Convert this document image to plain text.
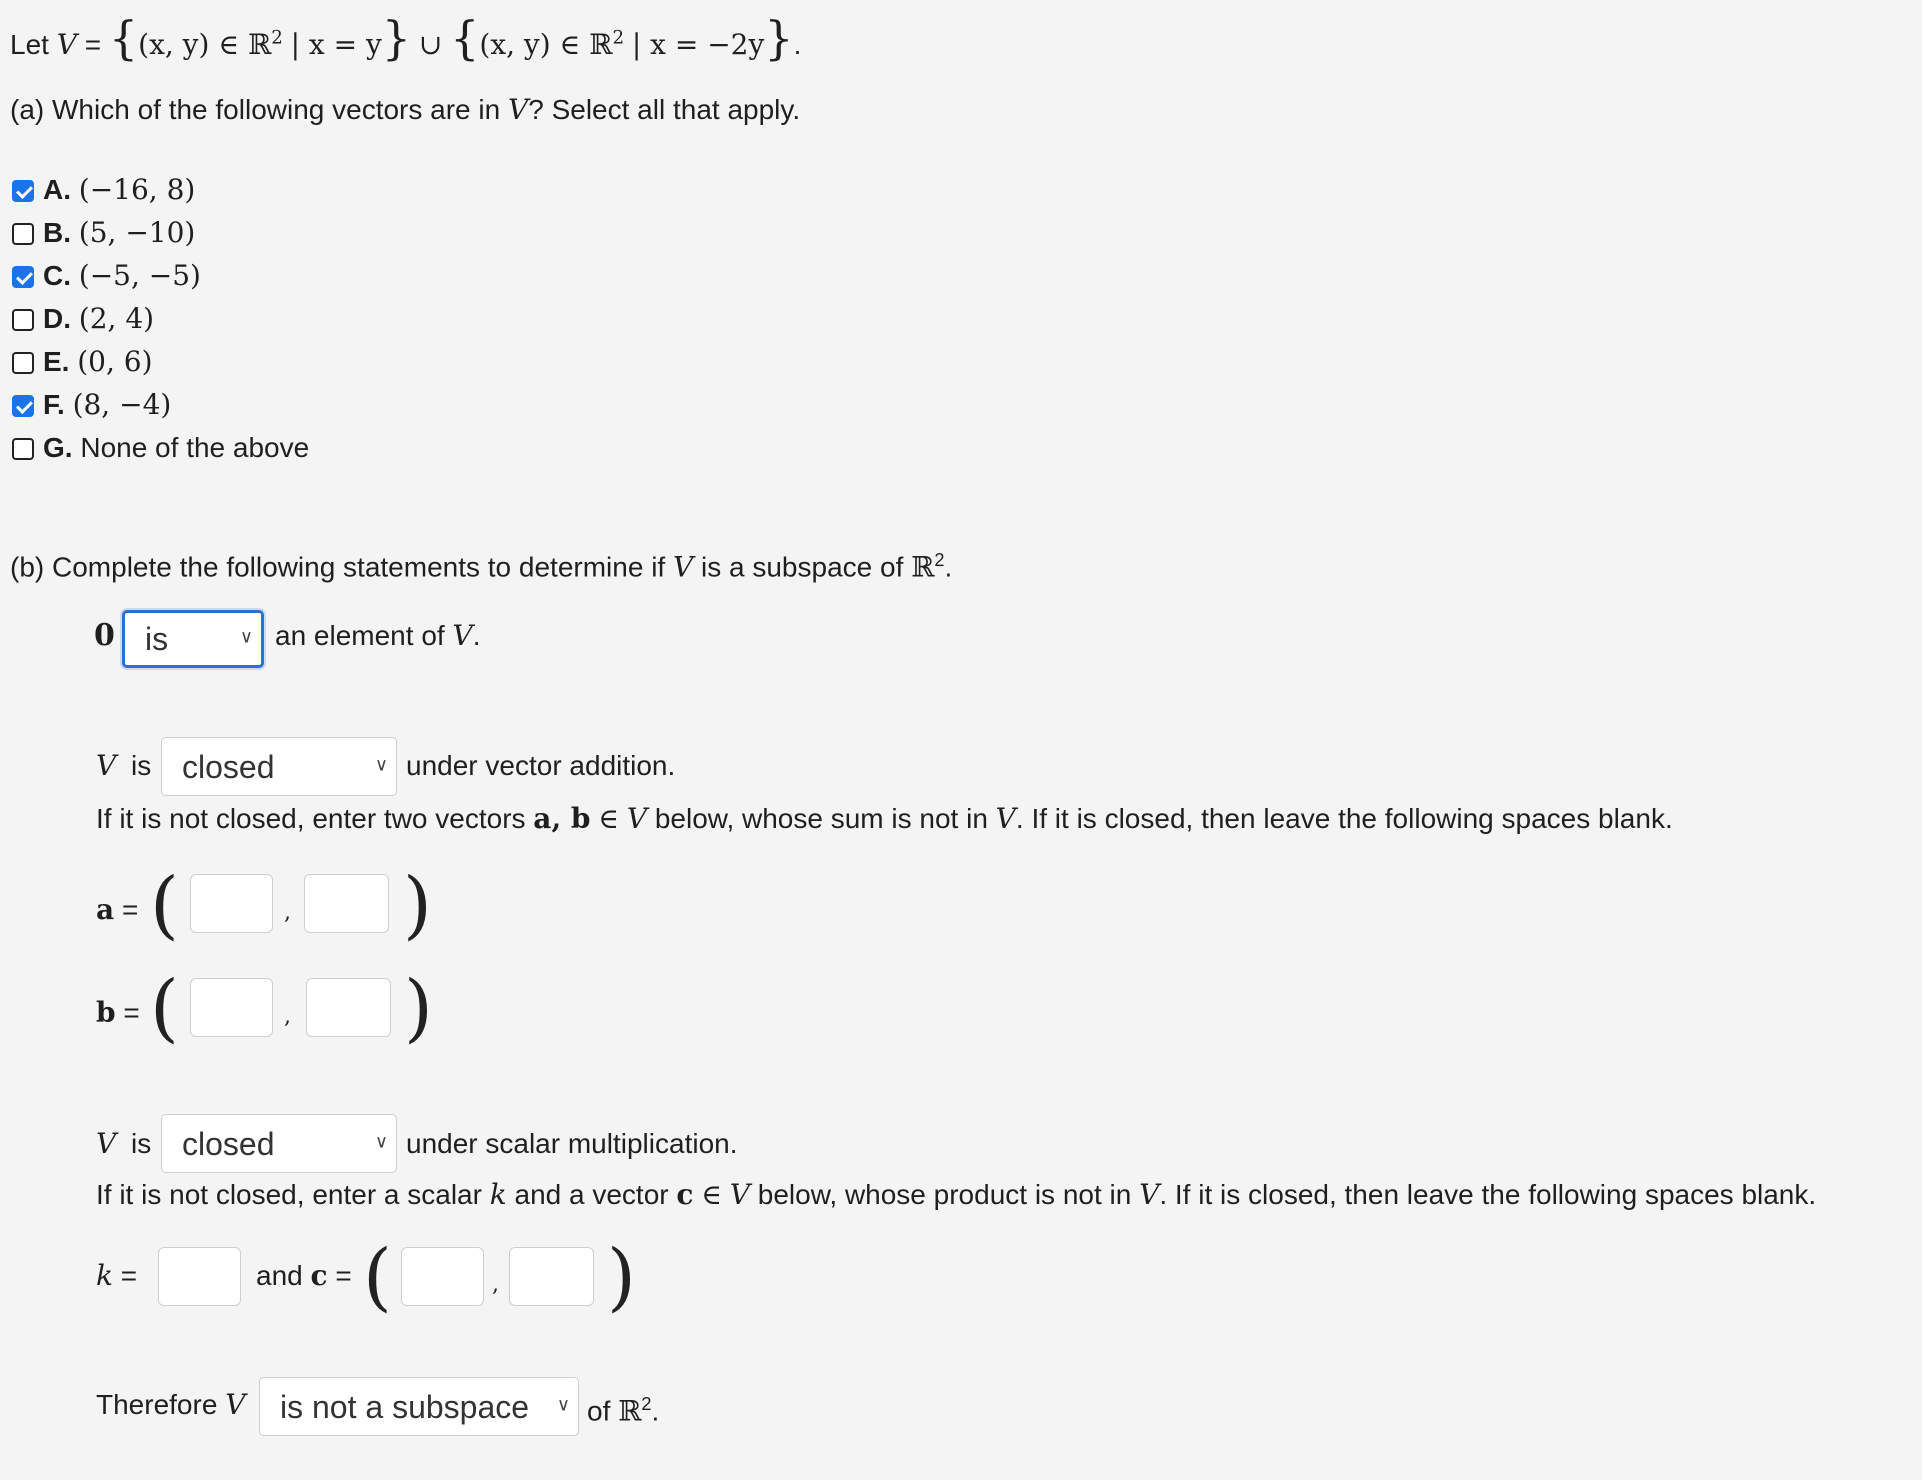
Let V = {(x, y) ∈ ℝ$^2$ | x = y} ∪ {(x, y) ∈ ℝ$^2$ | x = −2y}.
(a) Which of the following vectors are in V? Select all that apply.
A. (−16, 8)
B. (5, −10)
C. (−5, −5)
D. (2, 4)
E. (0, 6)
F. (8, −4)
G. None of the above
(b) Complete the following statements to determine if V is a subspace of ℝ$^2$.
0 is	∨ an element of V.
V is closed	∨ under vector addition.
If it is not closed, enter two vectors a, b ∈ V below, whose sum is not in V. If it is closed, then leave the following spaces blank.
a = (	, )
b = (	, )
V is closed	∨ under scalar multiplication.
If it is not closed, enter a scalar k and a vector c ∈ V below, whose product is not in V. If it is closed, then leave the following spaces blank.
k =	and c = (	, )
Therefore V is not a subspace ∨ of ℝ$^2$.
